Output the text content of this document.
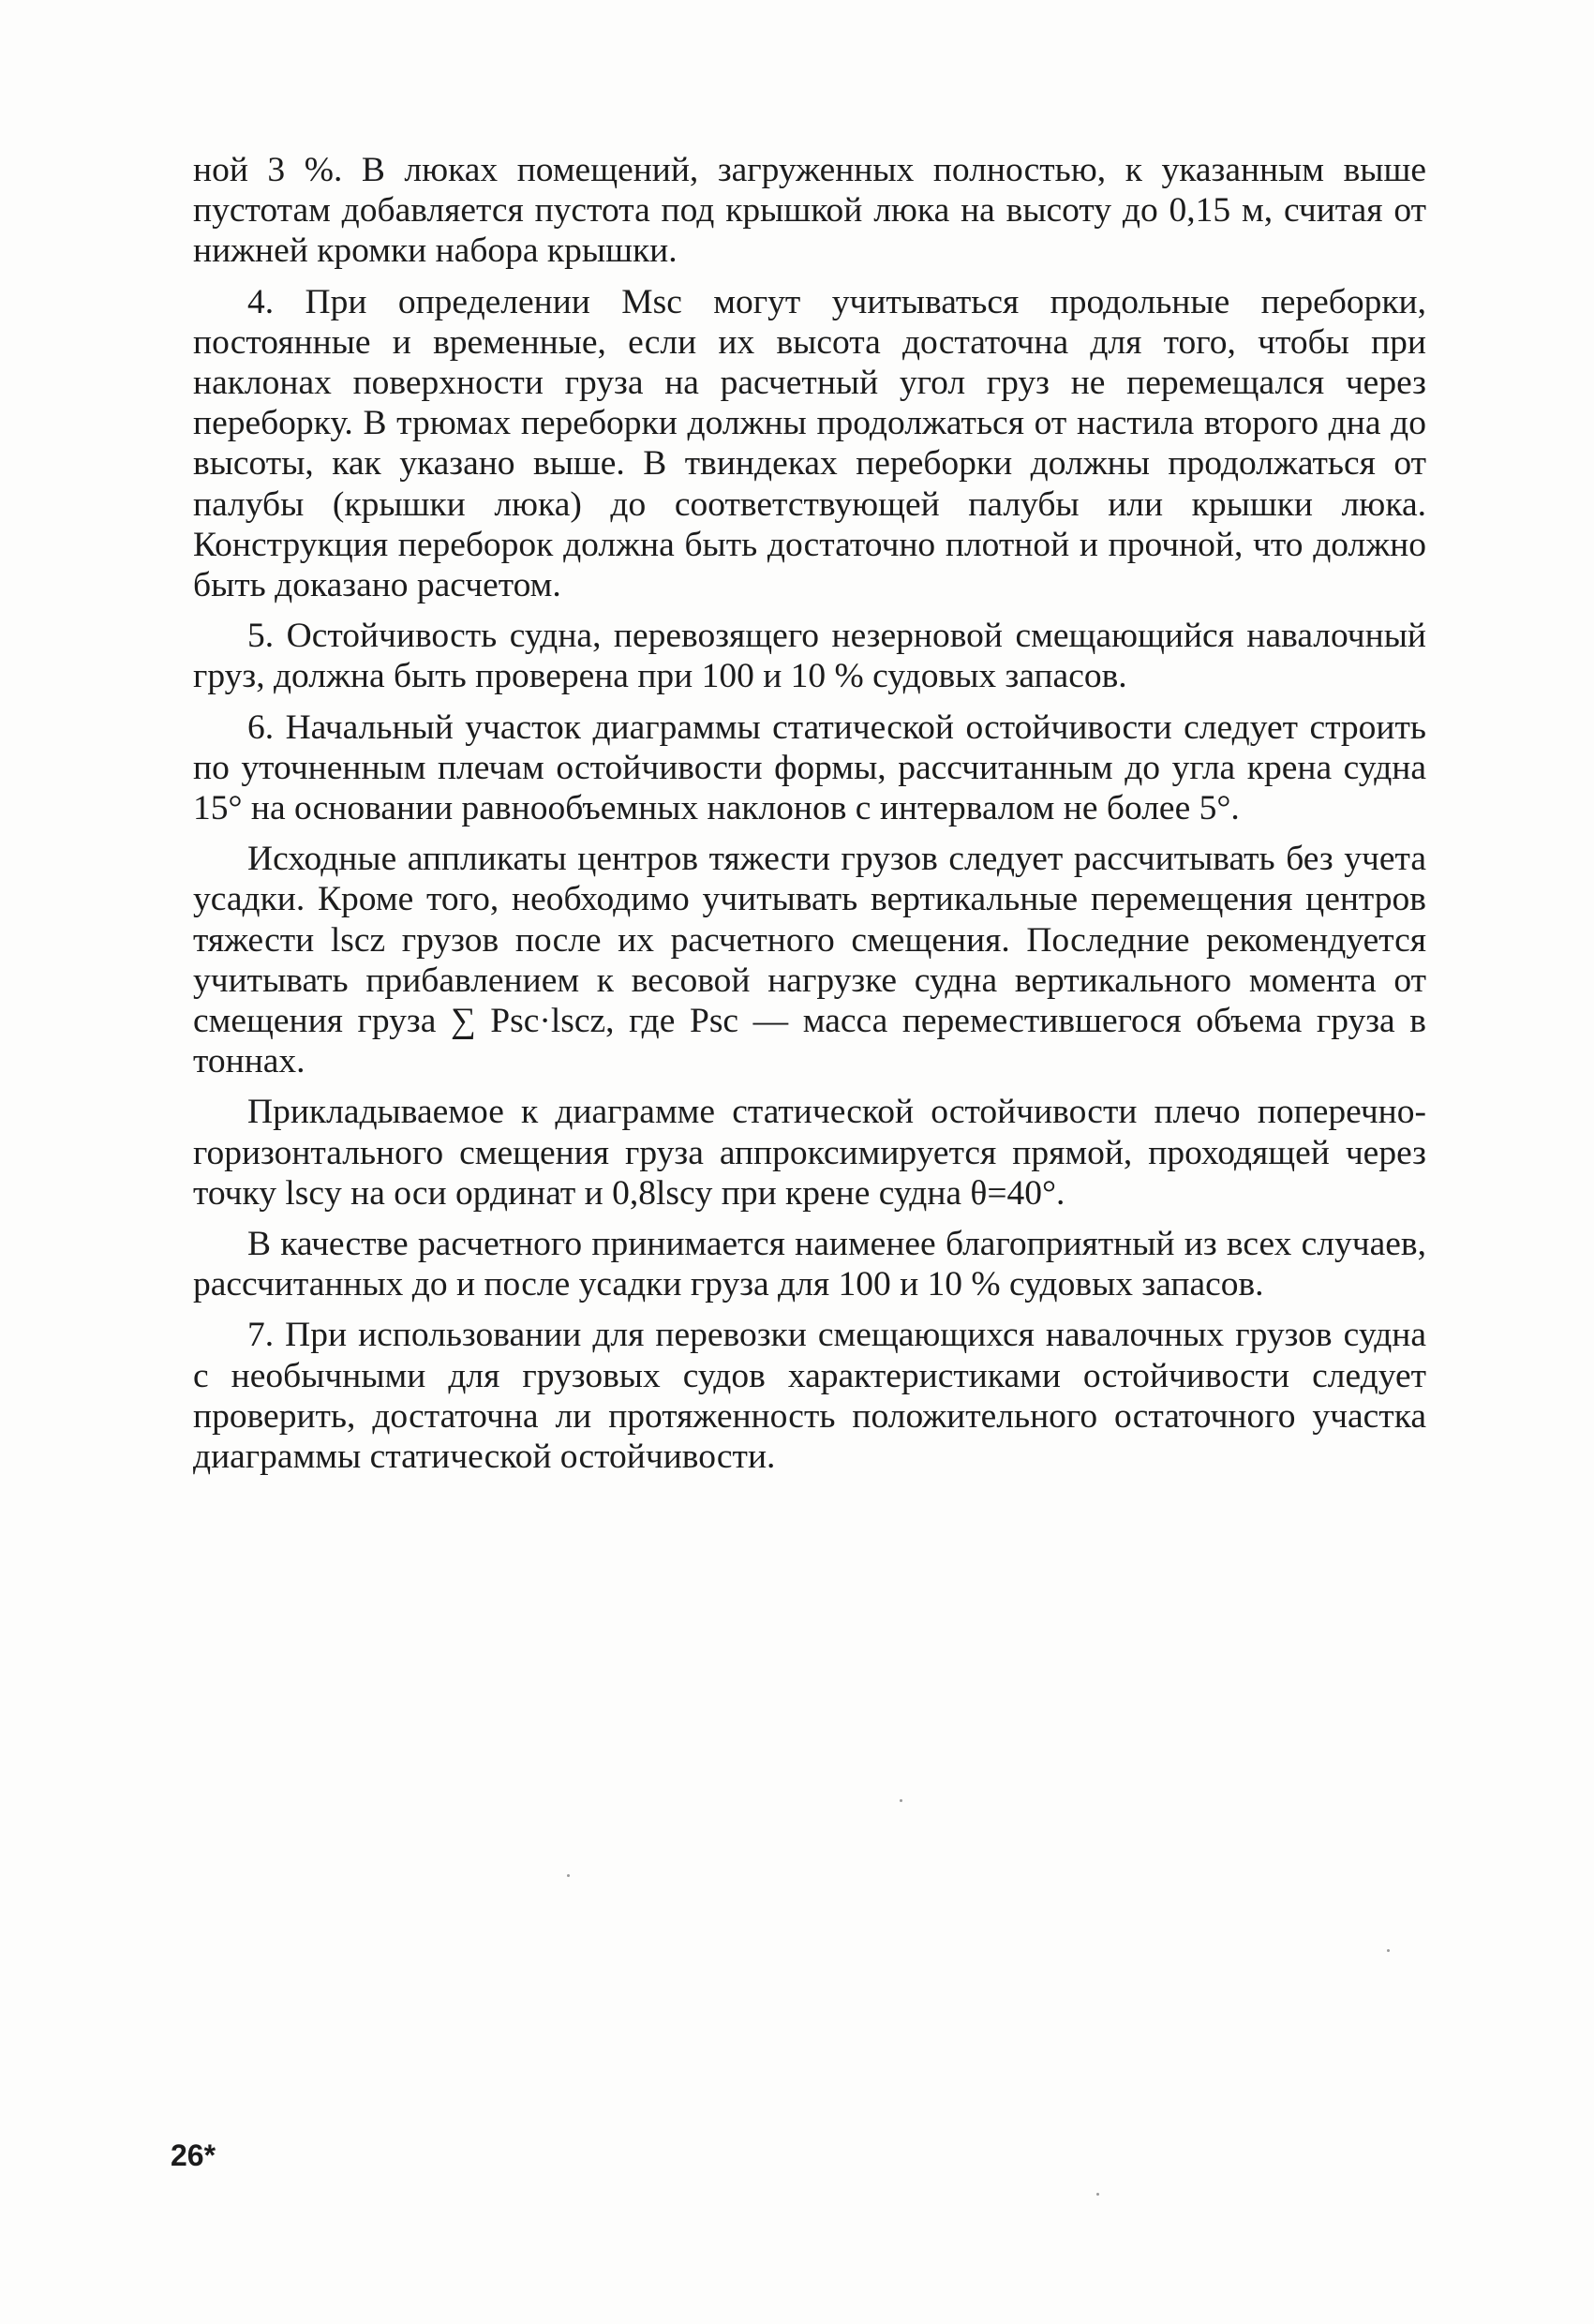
ной 3 %. В люках помещений, загруженных полностью, к указанным выше пустотам добавляется пустота под крышкой люка на высоту до 0,15 м, считая от нижней кромки набора крышки.

4. При определении Msc могут учитываться продольные переборки, постоянные и временные, если их высота достаточна для того, чтобы при наклонах поверхности груза на расчетный угол груз не перемещался через переборку. В трюмах переборки должны продолжаться от настила второго дна до высоты, как указано выше. В твиндеках переборки должны продолжаться от палубы (крышки люка) до соответствующей палубы или крышки люка. Конструкция переборок должна быть достаточно плотной и прочной, что должно быть доказано расчетом.

5. Остойчивость судна, перевозящего незерновой смещающийся навалочный груз, должна быть проверена при 100 и 10 % судовых запасов.

6. Начальный участок диаграммы статической остойчивости следует строить по уточненным плечам остойчивости формы, рассчитанным до угла крена судна 15° на основании равнообъемных наклонов с интервалом не более 5°.

Исходные аппликаты центров тяжести грузов следует рассчитывать без учета усадки. Кроме того, необходимо учитывать вертикальные перемещения центров тяжести lscz грузов после их расчетного смещения. Последние рекомендуется учитывать прибавлением к весовой нагрузке судна вертикального момента от смещения груза ∑ Psc·lscz, где Psc — масса переместившегося объема груза в тоннах.

Прикладываемое к диаграмме статической остойчивости плечо поперечно-горизонтального смещения груза аппроксимируется прямой, проходящей через точку lscy на оси ординат и 0,8lscy при крене судна θ=40°.

В качестве расчетного принимается наименее благоприятный из всех случаев, рассчитанных до и после усадки груза для 100 и 10 % судовых запасов.

7. При использовании для перевозки смещающихся навалочных грузов судна с необычными для грузовых судов характеристиками остойчивости следует проверить, достаточна ли протяженность положительного остаточного участка диаграммы статической остойчивости.

26*
